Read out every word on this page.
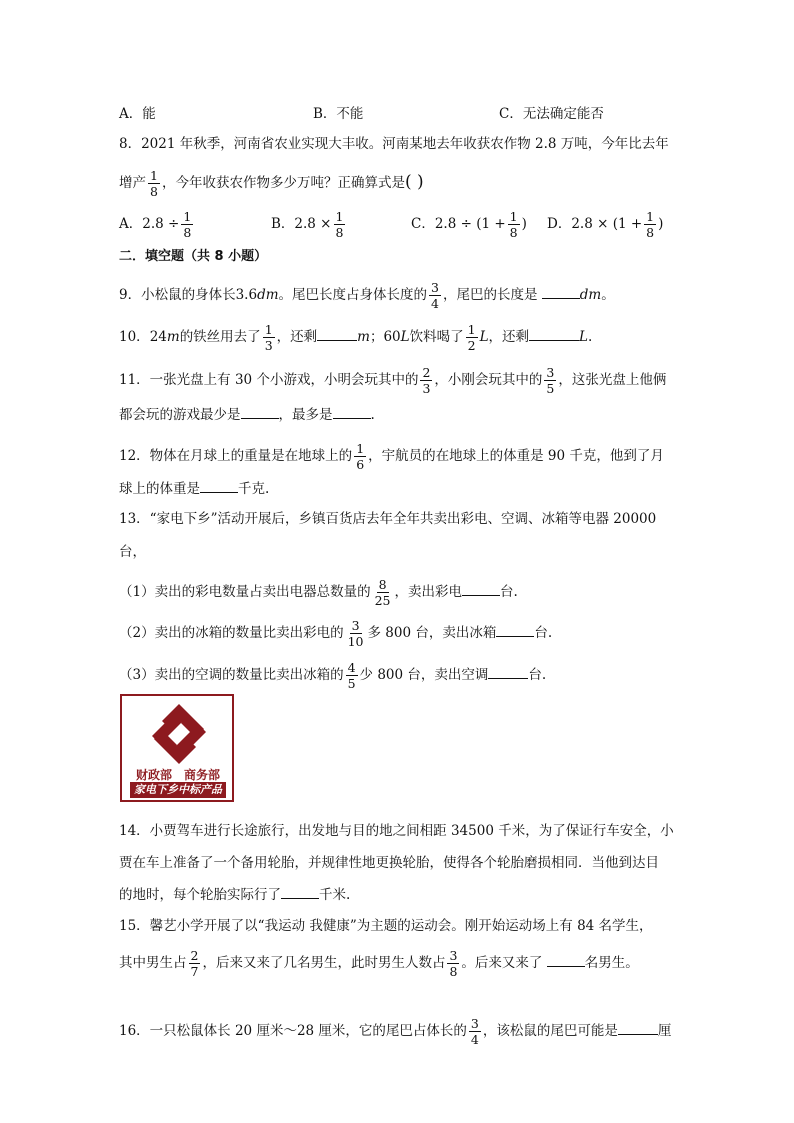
A．能	B．不能	C．无法确定能否
8．2021 年秋季，河南省农业实现大丰收。河南某地去年收获农作物 2.8 万吨，今年比去年
增产 $\frac{1}{8}$ ，今年收获农作物多少万吨？正确算式是( )
A．$2.8 \div \frac{1}{8}$	B．$2.8 \times \frac{1}{8}$	C．$2.8 \div (1 + \frac{1}{8}$ ) D．$2.8 \times (1 + \frac{1}{8}$ )
二．填空题（共 8 小题）
9．小松鼠的身体长3.6dm。尾巴长度占身体长度的 $\frac{3}{4}$ ，尾巴的长度是	dm。
10．24m的铁丝用去了 $\frac{1}{3}$ ，还剩	m；60L饮料喝了 $\frac{1}{2}$ L，还剩	L.
11．一张光盘上有 30 个小游戏，小明会玩其中的 $\frac{2}{3}$ ，小刚会玩其中的 $\frac{3}{5}$ ，这张光盘上他俩
都会玩的游戏最少是	，最多是	.
12．物体在月球上的重量是在地球上的 $\frac{1}{6}$ ，宇航员的在地球上的体重是 90 千克，他到了月
球上的体重是	千克.
13．“家电下乡”活动开展后，乡镇百货店去年全年共卖出彩电、空调、冰箱等电器 20000
台，
（1）卖出的彩电数量占卖出电器总数量的 $\frac{8}{25}$ ，卖出彩电	台.
（2）卖出的冰箱的数量比卖出彩电的 $\frac{3}{10}$ 多 800 台，卖出冰箱	台.
（3）卖出的空调的数量比卖出冰箱的 $\frac{4}{5}$ 少 800 台，卖出空调	台.
财政部　商务部
家电下乡中标产品
14．小贾驾车进行长途旅行，出发地与目的地之间相距 34500 千米，为了保证行车安全，小
贾在车上准备了一个备用轮胎，并规律性地更换轮胎，使得各个轮胎磨损相同．当他到达目
的地时，每个轮胎实际行了	千米.
15．馨艺小学开展了以“我运动 我健康”为主题的运动会。刚开始运动场上有 84 名学生，
其中男生占 $\frac{2}{7}$ ，后来又来了几名男生，此时男生人数占 $\frac{3}{8}$ 。后来又来了	名男生。
16．一只松鼠体长 20 厘米～28 厘米，它的尾巴占体长的 $\frac{3}{4}$ ，该松鼠的尾巴可能是	厘
